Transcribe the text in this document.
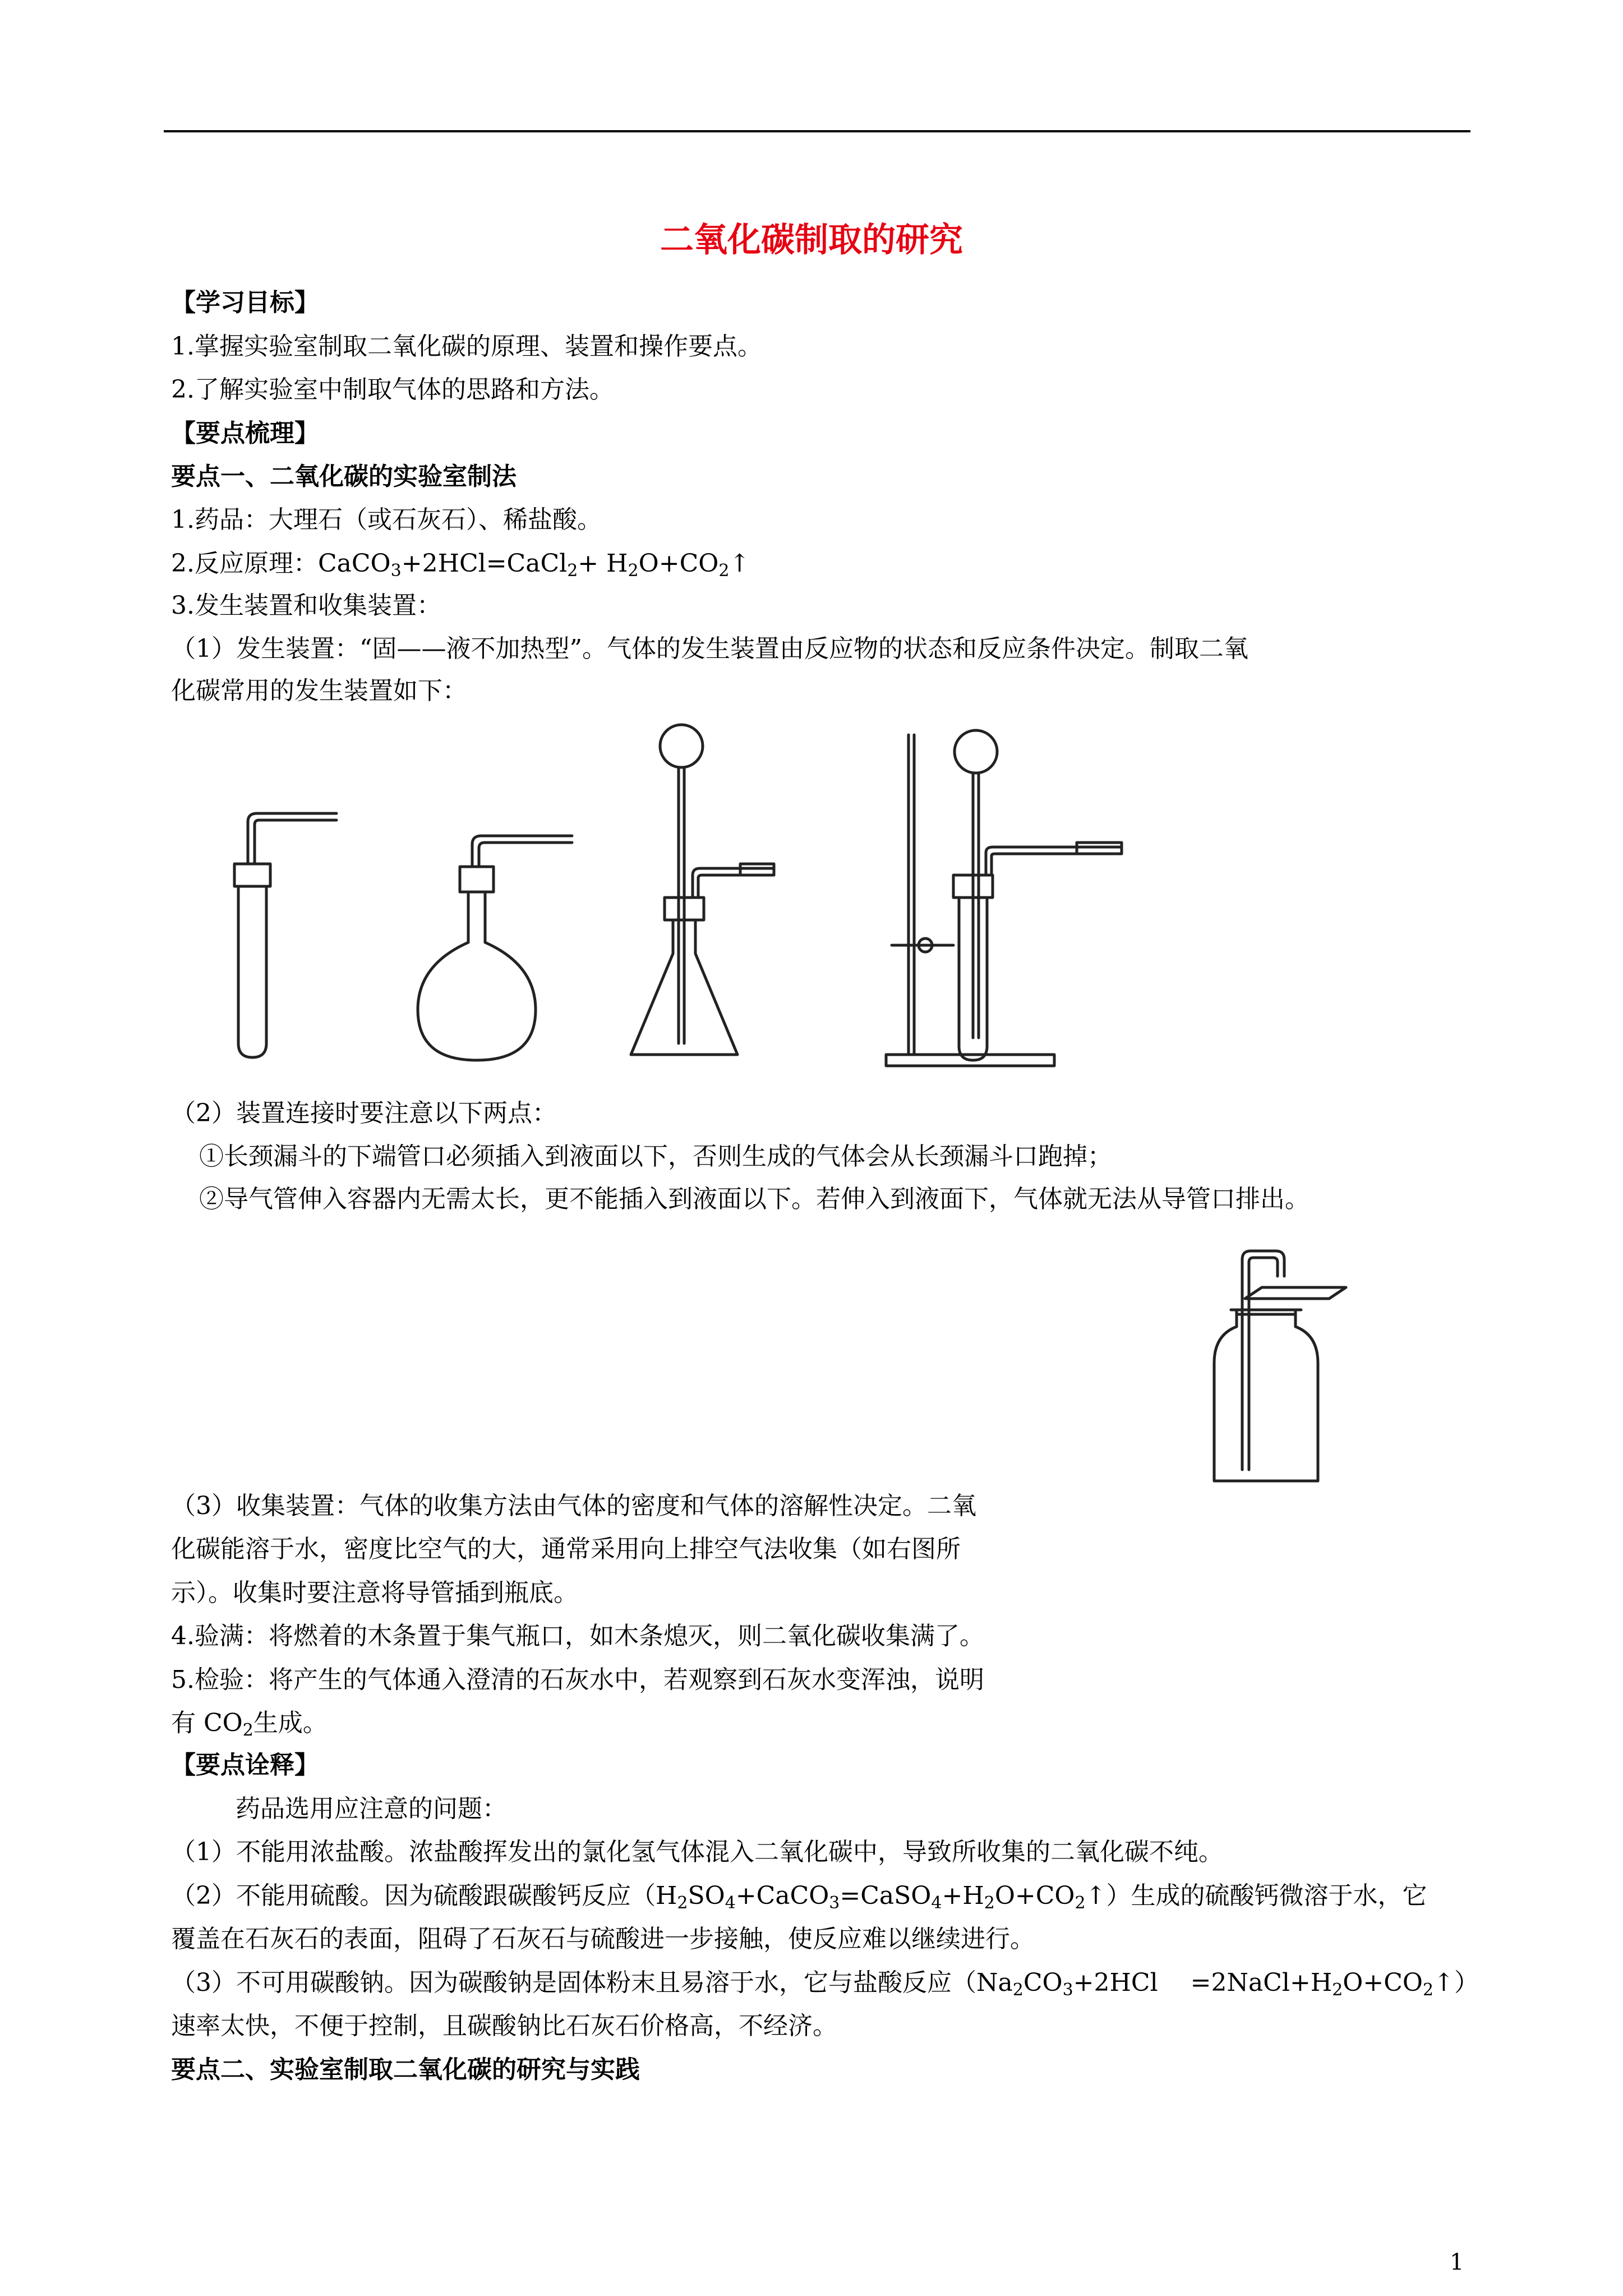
二氧化碳制取的研究
【学习目标】
1.掌握实验室制取二氧化碳的原理、装置和操作要点。
2.了解实验室中制取气体的思路和方法。
【要点梳理】
要点一、二氧化碳的实验室制法
1.药品：大理石（或石灰石）、稀盐酸。
2.反应原理：CaCO$_3$+2HCl=CaCl$_2$+ $H_2O+CO_2↑$
3.发生装置和收集装置：
（1）发生装置：“固——液不加热型”。气体的发生装置由反应物的状态和反应条件决定。制取二氧
化碳常用的发生装置如下：
（2）装置连接时要注意以下两点：
①长颈漏斗的下端管口必须插入到液面以下，否则生成的气体会从长颈漏斗口跑掉；
②导气管伸入容器内无需太长，更不能插入到液面以下。若伸入到液面下，气体就无法从导管口排出。
（3）收集装置：气体的收集方法由气体的密度和气体的溶解性决定。二氧
化碳能溶于水，密度比空气的大，通常采用向上排空气法收集（如右图所
示）。收集时要注意将导管插到瓶底。
4.验满：将燃着的木条置于集气瓶口，如木条熄灭，则二氧化碳收集满了。
5.检验：将产生的气体通入澄清的石灰水中，若观察到石灰水变浑浊，说明
有 $CO_2$生成。
【要点诠释】
药品选用应注意的问题：
（1）不能用浓盐酸。浓盐酸挥发出的氯化氢气体混入二氧化碳中，导致所收集的二氧化碳不纯。
（2）不能用硫酸。因为硫酸跟碳酸钙反应$(H_2SO_4+CaCO_3=CaSO_4+H_2O+CO_2↑)$生成的硫酸钙微溶于水，它
覆盖在石灰石的表面，阻碍了石灰石与硫酸进一步接触，使反应难以继续进行。
（3）不可用碳酸钠。因为碳酸钠是固体粉末且易溶于水，它与盐酸反应（$Na_2CO_3+2HCl$　 $=2NaCl+H_2O+CO_2↑$）
速率太快，不便于控制，且碳酸钠比石灰石价格高，不经济。
要点二、实验室制取二氧化碳的研究与实践
1
